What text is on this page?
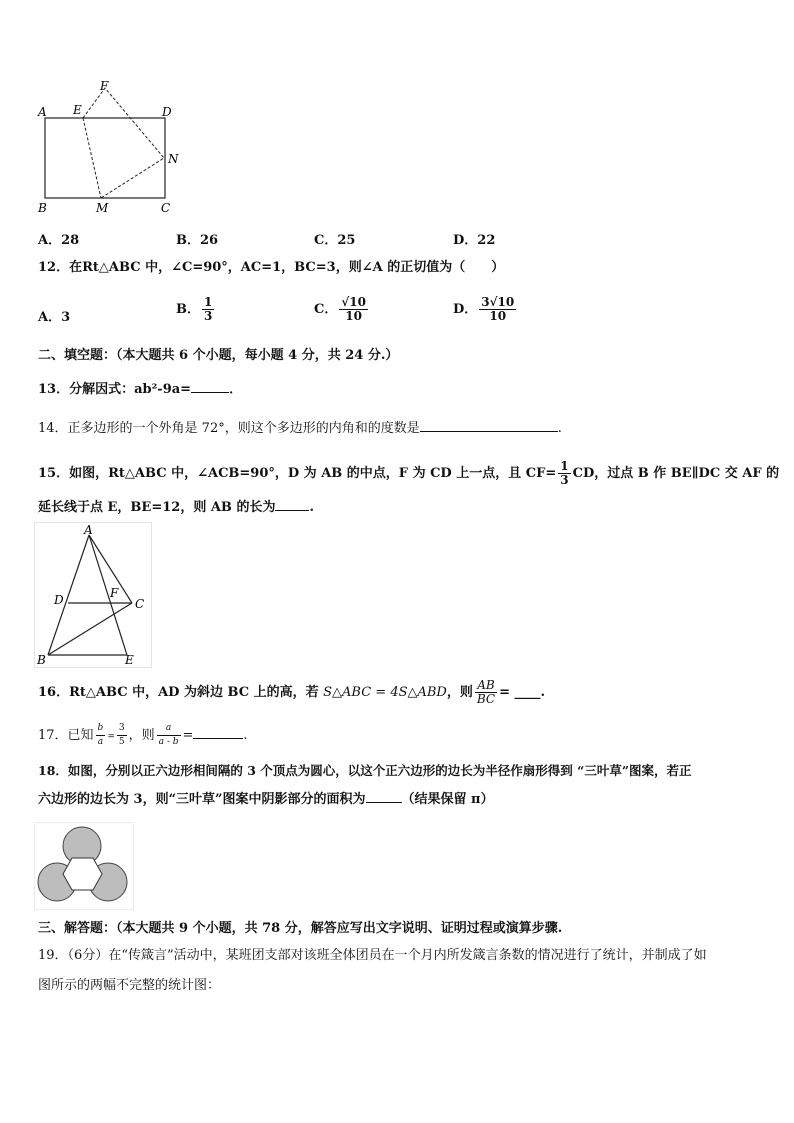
A E
F
D
N
B	M	C
A．28	B．26	C．25	D．22
12．在Rt△ABC 中，∠C=90°，AC=1，BC=3，则∠A 的正切值为（　　）
A．3
B． $\frac{1}{3}$	C． $\frac{√10}{10}$	D． $\frac{3√10}{10}$
二、填空题：（本大题共 6 个小题，每小题 4 分，共 24 分.）
13．分解因式：ab²-9a=	．
14．正多边形的一个外角是 72°，则这个多边形的内角和的度数是	.
15．如图，Rt△ABC 中，∠ACB=90°，D 为 AB 的中点，F 为 CD 上一点，且 $CF= \frac{1}{3}$ CD，过点 B 作 BE∥DC 交 AF 的
延长线于点 E，BE=12，则 AB 的长为	.
A
D	F
C
B	E
16．Rt△ABC 中，AD 为斜边 BC 上的高，若 S△ABC = 4S△ABD，则 $\frac{AB}{BC}$ = ____.
17．已知 $\frac{b}{a} = \frac{3}{5}$ ，则 $\frac{a}{a - b}$ =	.
18．如图，分别以正六边形相间隔的 3 个顶点为圆心，以这个正六边形的边长为半径作扇形得到 “三叶草”图案，若正
六边形的边长为 3，则“三叶草”图案中阴影部分的面积为	（结果保留 π）
三、解答题：（本大题共 9 个小题，共 78 分，解答应写出文字说明、证明过程或演算步骤.
19．（6分）在“传箴言”活动中，某班团支部对该班全体团员在一个月内所发箴言条数的情况进行了统计，并制成了如
图所示的两幅不完整的统计图：
